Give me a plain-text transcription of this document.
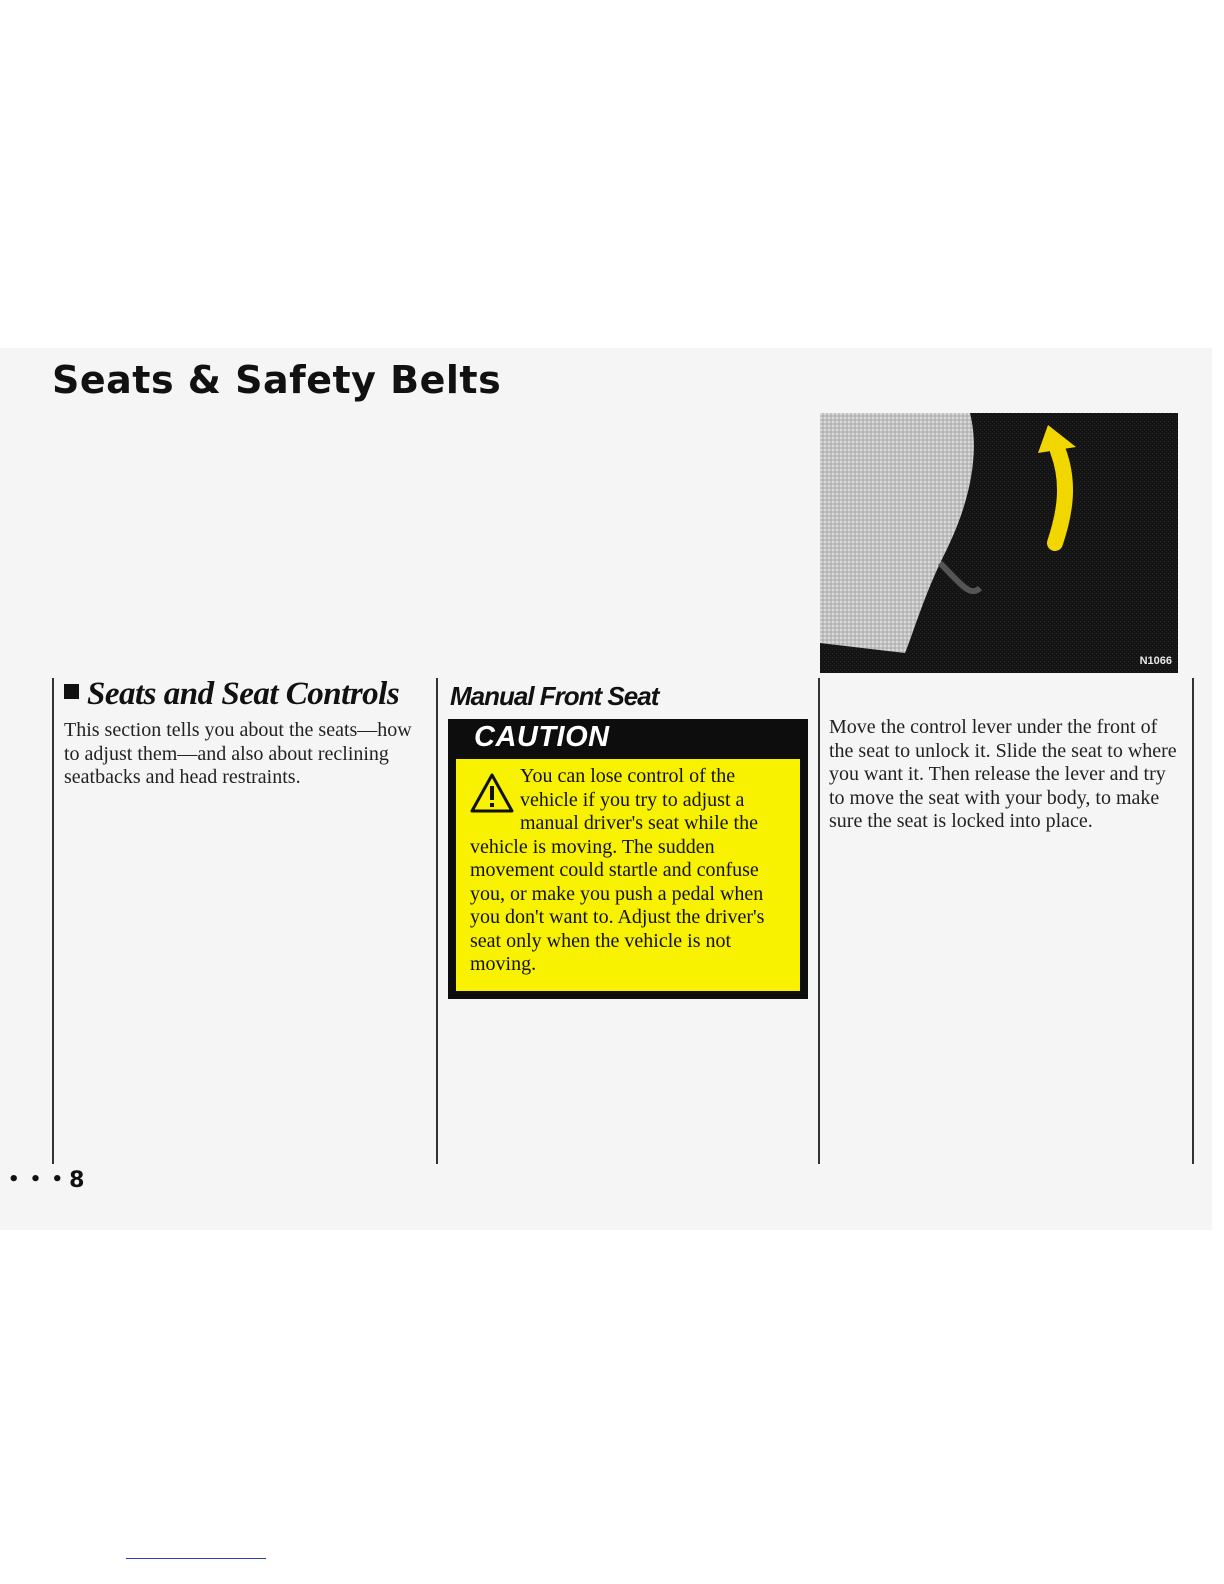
Seats & Safety Belts
Seats and Seat Controls

This section tells you about the seats—how to adjust them—and also about reclining seatbacks and head restraints.

Manual Front Seat

CAUTION

You can lose control of the vehicle if you try to adjust a manual driver's seat while the vehicle is moving. The sudden movement could startle and confuse you, or make you push a pedal when you don't want to. Adjust the driver's seat only when the vehicle is not moving.

N1066

Move the control lever under the front of the seat to unlock it. Slide the seat to where you want it. Then release the lever and try to move the seat with your body, to make sure the seat is locked into place.

• • • 8
